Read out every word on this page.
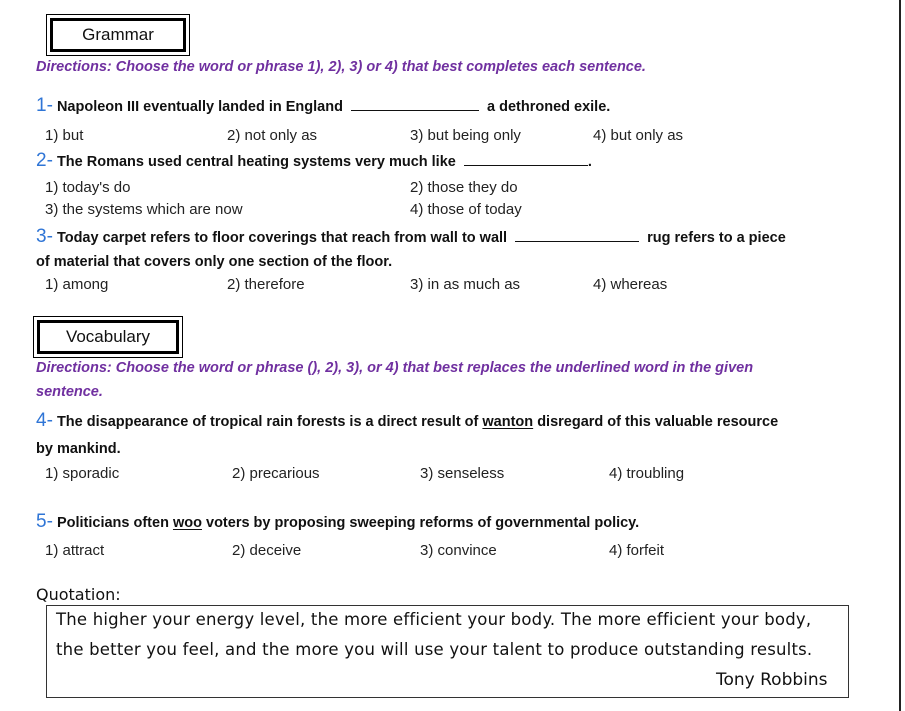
Grammar
Directions: Choose the word or phrase 1), 2), 3) or 4) that best completes each sentence.
1- Napoleon III eventually landed in England	a dethroned exile.
1) but	2) not only as	3) but being only	4) but only as
2- The Romans used central heating systems very much like	.
1) today's do	2) those they do
3) the systems which are now	4) those of today
3- Today carpet refers to floor coverings that reach from wall to wall	rug refers to a piece
of material that covers only one section of the floor.
1) among	2) therefore	3) in as much as	4) whereas
Vocabulary
Directions: Choose the word or phrase (), 2), 3), or 4) that best replaces the underlined word in the given
sentence.
4- The disappearance of tropical rain forests is a direct result of wanton disregard of this valuable resource
by mankind.
1) sporadic	2) precarious	3) senseless	4) troubling
5- Politicians often woo voters by proposing sweeping reforms of governmental policy.
1) attract	2) deceive	3) convince	4) forfeit
Quotation:
The higher your energy level, the more efficient your body. The more efficient your body,
the better you feel, and the more you will use your talent to produce outstanding results.
Tony Robbins
